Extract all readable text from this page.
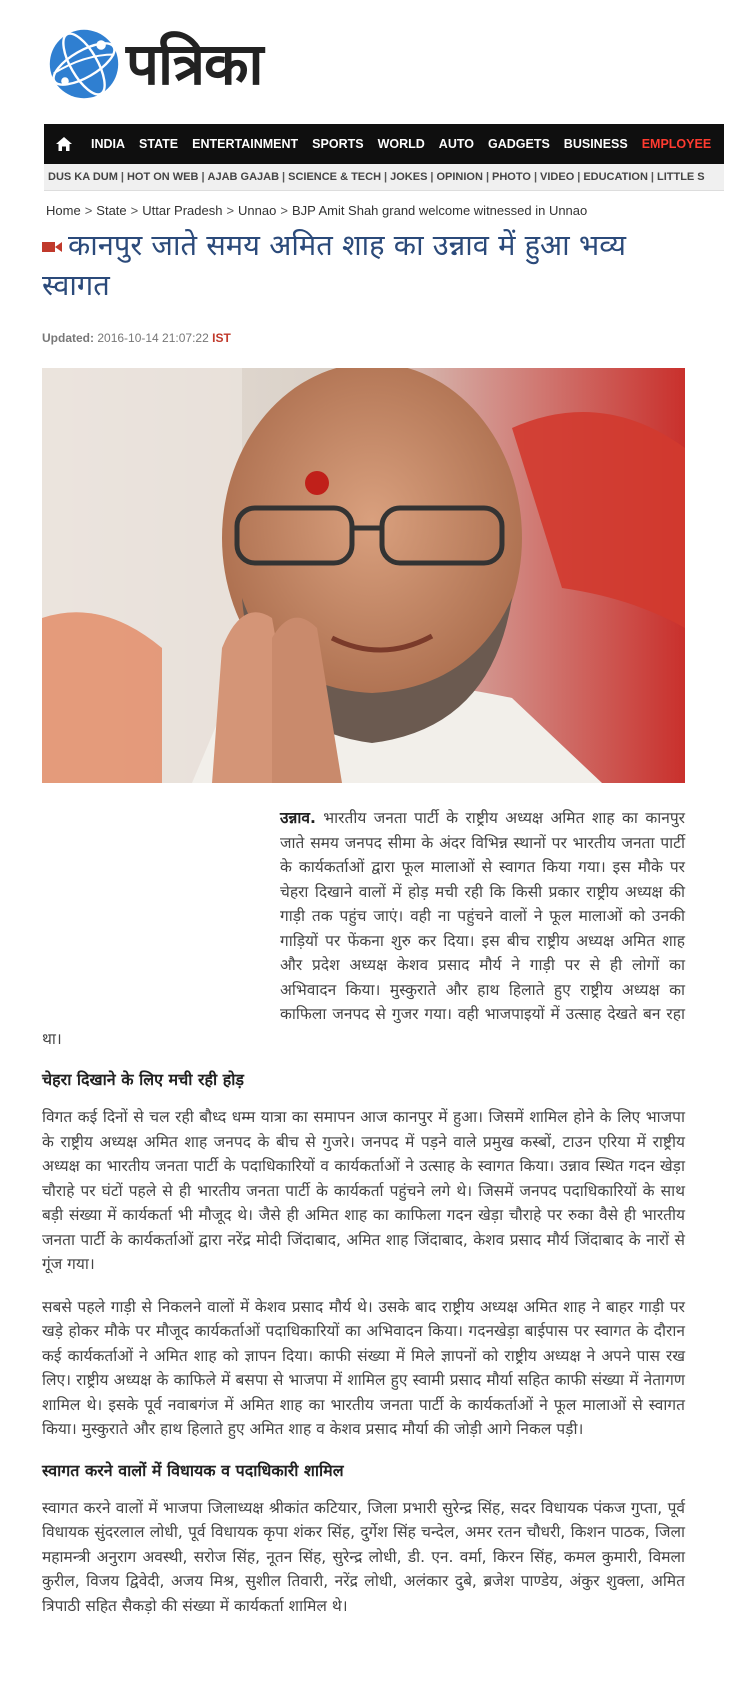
पत्रिका
INDIA	STATE	ENTERTAINMENT	SPORTS	WORLD	AUTO	GADGETS	BUSINESS	EMPLOYEE
DUS KA DUM | HOT ON WEB | AJAB GAJAB | SCIENCE & TECH | JOKES | OPINION | PHOTO | VIDEO | EDUCATION | LITTLE S
Home > State > Uttar Pradesh > Unnao > BJP Amit Shah grand welcome witnessed in Unnao
कानपुर जाते समय अमित शाह का उन्नाव में हुआ भव्य स्वागत
Updated: 2016-10-14 21:07:22 IST

उन्नाव. भारतीय जनता पार्टी के राष्ट्रीय अध्यक्ष अमित शाह का कानपुर जाते समय जनपद सीमा के अंदर विभिन्न स्थानों पर भारतीय जनता पार्टी के कार्यकर्ताओं द्वारा फूल मालाओं से स्वागत किया गया। इस मौके पर चेहरा दिखाने वालों में होड़ मची रही कि किसी प्रकार राष्ट्रीय अध्यक्ष की गाड़ी तक पहुंच जाएं। वही ना पहुंचने वालों ने फूल मालाओं को उनकी गाड़ियों पर फेंकना शुरु कर दिया। इस बीच राष्ट्रीय अध्यक्ष अमित शाह और प्रदेश अध्यक्ष केशव प्रसाद मौर्य ने गाड़ी पर से ही लोगों का अभिवादन किया। मुस्कुराते और हाथ हिलाते हुए राष्ट्रीय अध्यक्ष का काफिला जनपद से गुजर गया। वही भाजपाइयों में उत्साह देखते बन रहा था।

चेहरा दिखाने के लिए मची रही होड़

विगत कई दिनों से चल रही बौध्द धम्म यात्रा का समापन आज कानपुर में हुआ। जिसमें शामिल होने के लिए भाजपा के राष्ट्रीय अध्यक्ष अमित शाह जनपद के बीच से गुजरे। जनपद में पड़ने वाले प्रमुख कस्बों, टाउन एरिया में राष्ट्रीय अध्यक्ष का भारतीय जनता पार्टी के पदाधिकारियों व कार्यकर्ताओं ने उत्साह के स्वागत किया। उन्नाव स्थित गदन खेड़ा चौराहे पर घंटों पहले से ही भारतीय जनता पार्टी के कार्यकर्ता पहुंचने लगे थे। जिसमें जनपद पदाधिकारियों के साथ बड़ी संख्या में कार्यकर्ता भी मौजूद थे। जैसे ही अमित शाह का काफिला गदन खेड़ा चौराहे पर रुका वैसे ही भारतीय जनता पार्टी के कार्यकर्ताओं द्वारा नरेंद्र मोदी जिंदाबाद, अमित शाह जिंदाबाद, केशव प्रसाद मौर्य जिंदाबाद के नारों से गूंज गया।

सबसे पहले गाड़ी से निकलने वालों में केशव प्रसाद मौर्य थे। उसके बाद राष्ट्रीय अध्यक्ष अमित शाह ने बाहर गाड़ी पर खड़े होकर मौके पर मौजूद कार्यकर्ताओं पदाधिकारियों का अभिवादन किया। गदनखेड़ा बाईपास पर स्वागत के दौरान कई कार्यकर्ताओं ने अमित शाह को ज्ञापन दिया। काफी संख्या में मिले ज्ञापनों को राष्ट्रीय अध्यक्ष ने अपने पास रख लिए। राष्ट्रीय अध्यक्ष के काफिले में बसपा से भाजपा में शामिल हुए स्वामी प्रसाद मौर्या सहित काफी संख्या में नेतागण शामिल थे। इसके पूर्व नवाबगंज में अमित शाह का भारतीय जनता पार्टी के कार्यकर्ताओं ने फूल मालाओं से स्वागत किया। मुस्कुराते और हाथ हिलाते हुए अमित शाह व केशव प्रसाद मौर्या की जोड़ी आगे निकल पड़ी।

स्वागत करने वालों में विधायक व पदाधिकारी शामिल

स्वागत करने वालों में भाजपा जिलाध्यक्ष श्रीकांत कटियार, जिला प्रभारी सुरेन्द्र सिंह, सदर विधायक पंकज गुप्ता, पूर्व विधायक सुंदरलाल लोधी, पूर्व विधायक कृपा शंकर सिंह, दुर्गेश सिंह चन्देल, अमर रतन चौधरी, किशन पाठक, जिला महामन्त्री अनुराग अवस्थी, सरोज सिंह, नूतन सिंह, सुरेन्द्र लोधी, डी. एन. वर्मा, किरन सिंह, कमल कुमारी, विमला कुरील, विजय द्विवेदी, अजय मिश्र, सुशील तिवारी, नरेंद्र लोधी, अलंकार दुबे, ब्रजेश पाण्डेय, अंकुर शुक्ला, अमित त्रिपाठी सहित सैकड़ो की संख्या में कार्यकर्ता शामिल थे।
